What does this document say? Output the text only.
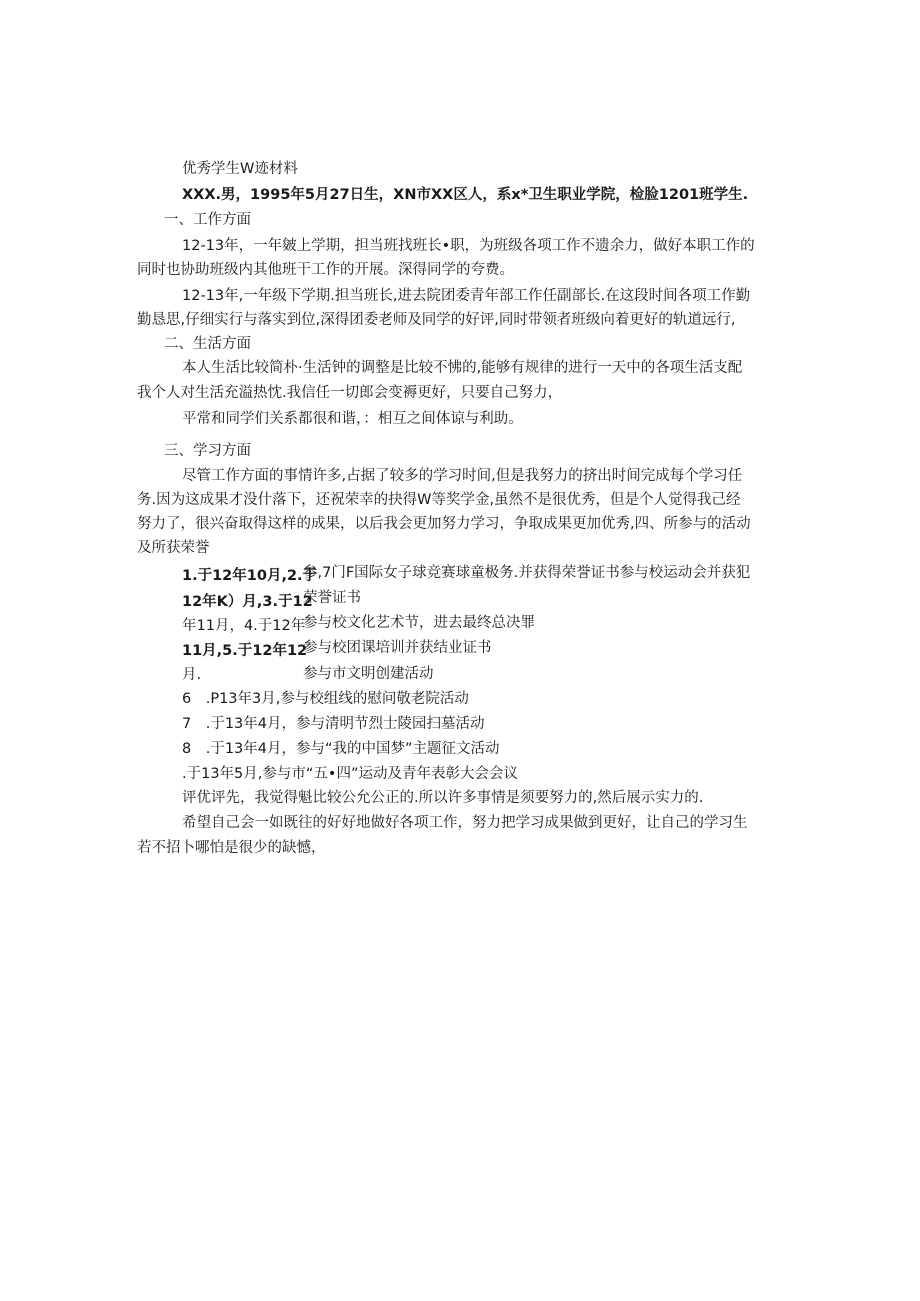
优秀学生W迹材料
XXX.男，1995年5月27日生，XN市XX区人，系x*卫生职业学院，检脸1201班学生.
一、工作方面
12-13年，一年皴上学期，担当班找班长•职，为班级各项工作不遗余力，做好本职工作的
同时也协助班级内其他班干工作的开展。深得同学的夸费。
12-13年,一年级下学期.担当班长,进去院团委青年部工作任副部长.在这段时间各项工作勤
勤恳思,仔细实行与落实到位,深得团委老师及同学的好评,同时带领者班级向着更好的轨道远行,
二、生活方面
本人生活比较简朴·生活钟的调整是比较不怫的,能够有规律的进行一天中的各项生活支配
我个人对生活充溢热忱.我信任一切郎会变褥更好，只要自己努力，
平常和同学们关系都很和谐，：相互之间体谅与利助。
三、学习方面
尽管工作方面的事情许多,占据了较多的学习时间,但是我努力的挤出时间完成每个学习任
务.因为这成果才没什落下，还祝荣幸的抉得W等奖学金,虽然不是很优秀，但是个人觉得我己经
努力了，很兴奋取得这样的成果，以后我会更加努力学习，争取成果更加优秀,四、所参与的活动
及所获荣誉
1.于12年10月,2.于
参,7门F国际女子球竞赛球童极务.并获得荣誉证书参与校运动会并获犯
12年K）月,3.于12
荣誉证书
年11月，4.于12年
参与校文化艺术节，进去最终总决罪
11月,5.于12年12
参与校团课培训并获结业证书
月.	参与市文明创建活动
6　.P13年3月,参与校组线的慰问敬老院活动
7　.于13年4月，参与清明节烈士陵园扫墓活动
8　.于13年4月，参与“我的中国梦”主题征文活动
.于13年5月,参与市“五•四”运动及青年表彰大会会议
评优评先，我觉得魁比较公允公正的.所以许多事情是须要努力的,然后展示实力的.
希望自己会一如既往的好好地做好各项工作，努力把学习成果做到更好，让自己的学习生
若不招卜哪怕是很少的缺憾，
